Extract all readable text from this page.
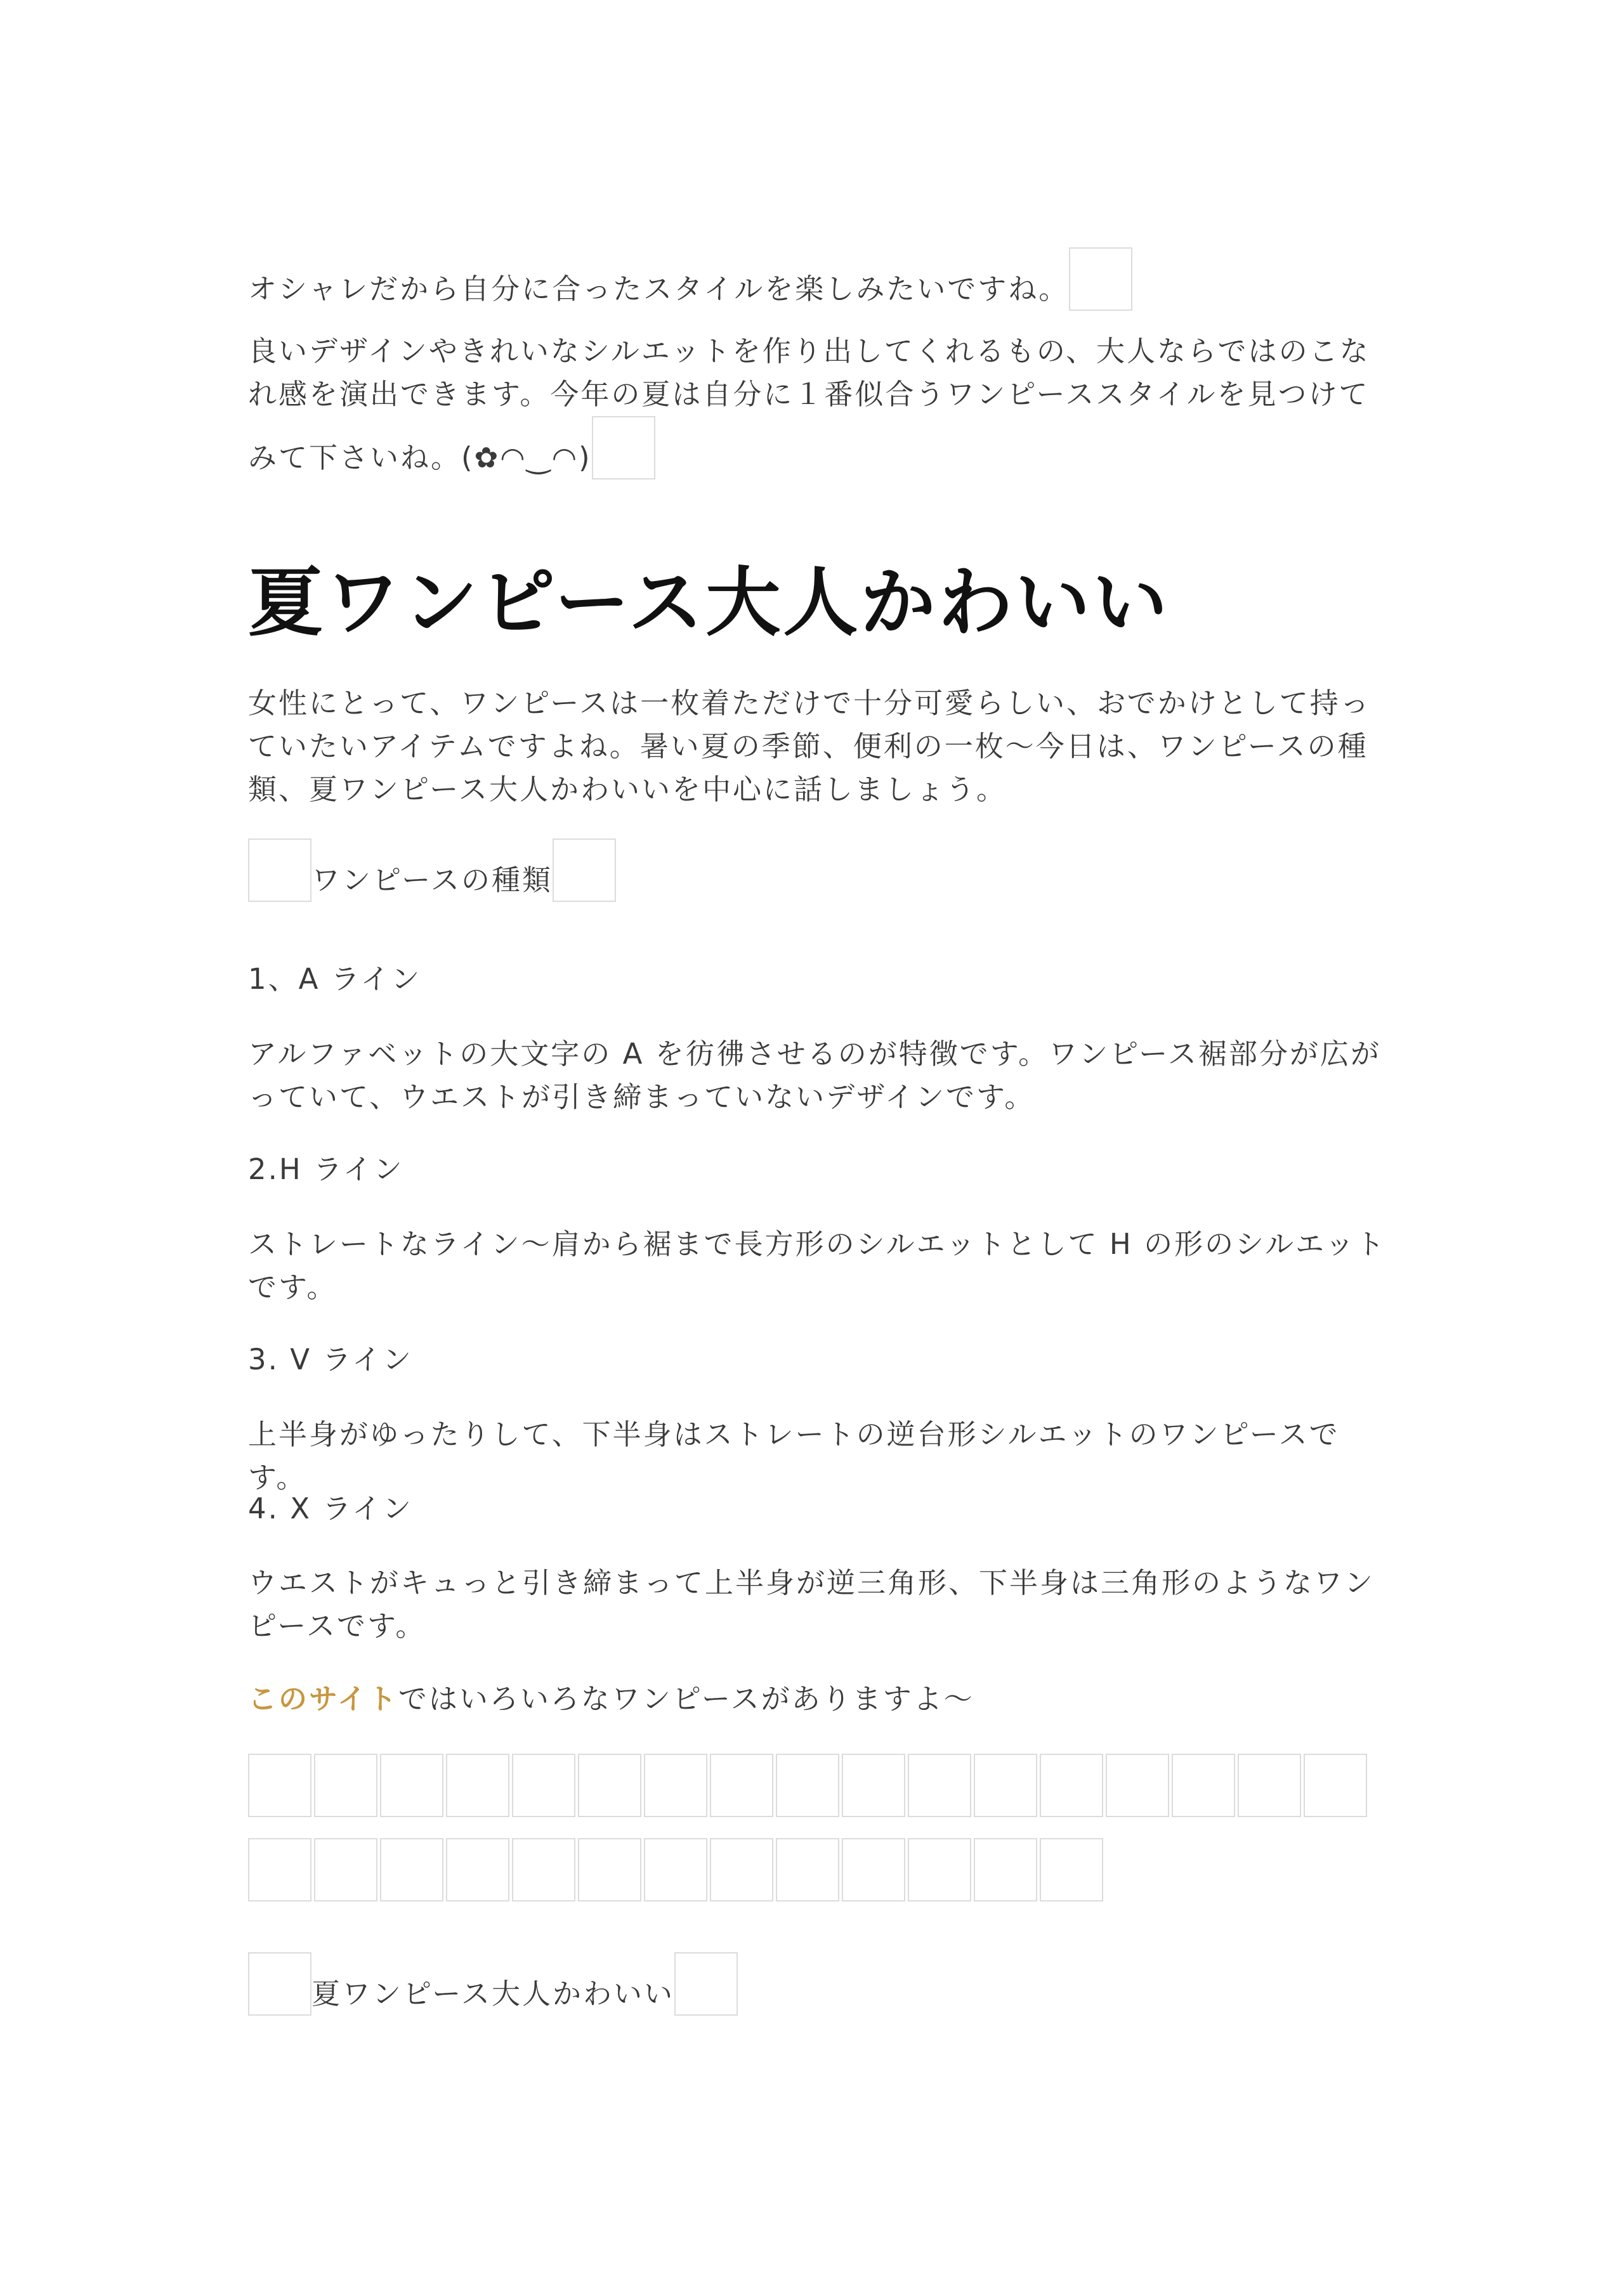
オシャレだから自分に合ったスタイルを楽しみたいですね。

良いデザインやきれいなシルエットを作り出してくれるもの、大人ならではのこなれ感を演出できます。今年の夏は自分に１番似合うワンピーススタイルを見つけてみて下さいね。(✿◠‿◠)

夏ワンピース大人かわいい

女性にとって、ワンピースは一枚着ただけで十分可愛らしい、おでかけとして持っていたいアイテムですよね。暑い夏の季節、便利の一枚〜今日は、ワンピースの種類、夏ワンピース大人かわいいを中心に話しましょう。

ワンピースの種類

1、A ライン

アルファベットの大文字の A を彷彿させるのが特徴です。ワンピース裾部分が広がっていて、ウエストが引き締まっていないデザインです。

2.H ライン

ストレートなライン〜肩から裾まで長方形のシルエットとして H の形のシルエットです。

3. V ライン

上半身がゆったりして、下半身はストレートの逆台形シルエットのワンピースです。

4. X ライン

ウエストがキュっと引き締まって上半身が逆三角形、下半身は三角形のようなワンピースです。

このサイトではいろいろなワンピースがありますよ〜

夏ワンピース大人かわいい
